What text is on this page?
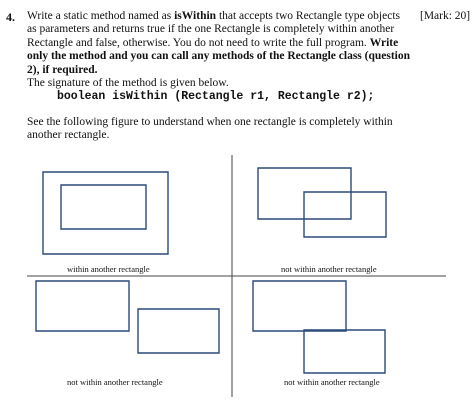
4.	[Mark: 20]

Write a static method named as isWithin that accepts two Rectangle type objects as parameters and returns true if the one Rectangle is completely within another Rectangle and false, otherwise. You do not need to write the full program. Write only the method and you can call any methods of the Rectangle class (question 2), if required.

The signature of the method is given below.

boolean isWithin (Rectangle r1, Rectangle r2);

See the following figure to understand when one rectangle is completely within another rectangle.

within another rectangle	not within another rectangle
not within another rectangle	not within another rectangle
